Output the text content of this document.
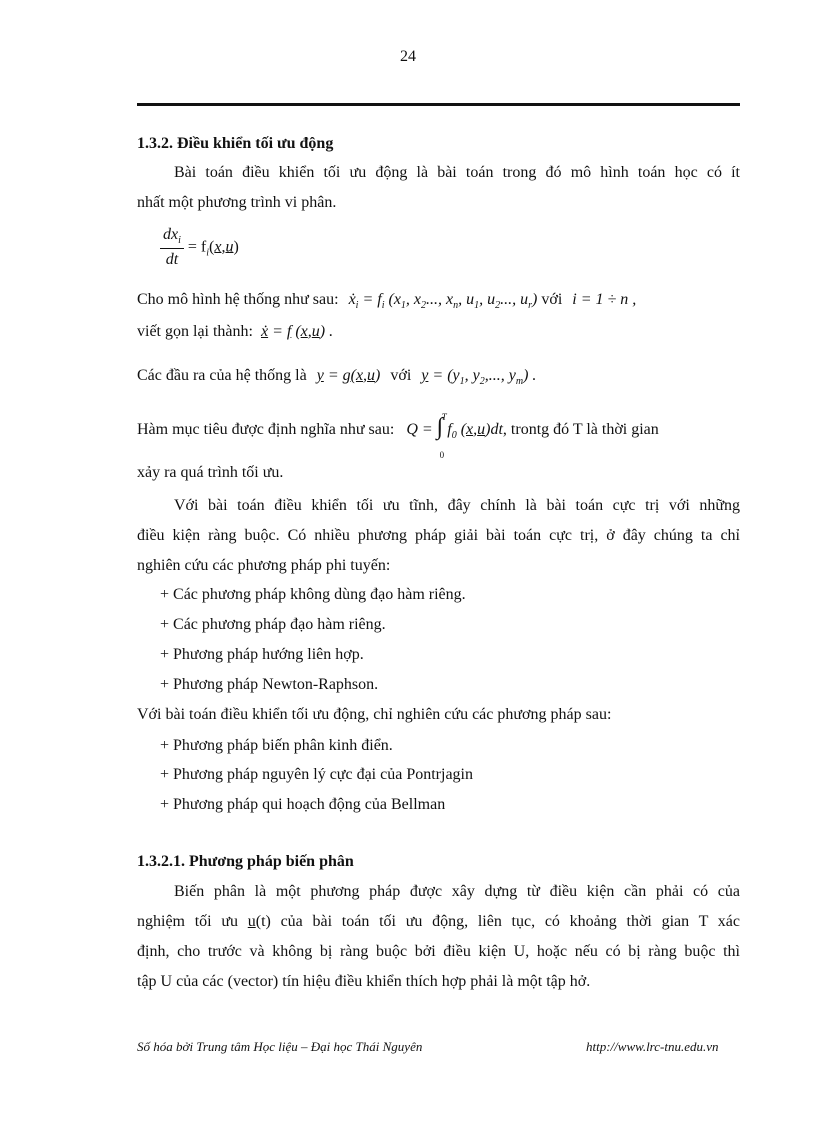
24
1.3.2. Điều khiển tối ưu động
Bài toán điều khiển tối ưu động là bài toán trong đó mô hình toán học có ít
nhất một phương trình vi phân.
$\frac{dx_i}{dt} = f_i(x,u)$
Cho mô hình hệ thống như sau: ẋ$_i$ = $f_i$ ($x_1$, $x_2$..., $x_n$, $u_1$, $u_2$..., $u_r$) với i = 1 ÷ n ,
viết gọn lại thành: ẋ = f (x,u) .
Các đầu ra của hệ thống là y = g(x,u) với $y = (y_1$, $y_2$,..., $y_m$) .
Hàm mục tiêu được định nghĩa như sau: Q = ∫
T
0
$f_0$ (x,u)dt, trontg đó T là thời gian
xảy ra quá trình tối ưu.
Với bài toán điều khiển tối ưu tĩnh, đây chính là bài toán cực trị với những
điều kiện ràng buộc. Có nhiều phương pháp giải bài toán cực trị, ở đây chúng ta chỉ
nghiên cứu các phương pháp phi tuyến:
+ Các phương pháp không dùng đạo hàm riêng.
+ Các phương pháp đạo hàm riêng.
+ Phương pháp hướng liên hợp.
+ Phương pháp Newton-Raphson.
Với bài toán điều khiển tối ưu động, chỉ nghiên cứu các phương pháp sau:
+ Phương pháp biến phân kinh điển.
+ Phương pháp nguyên lý cực đại của Pontrjagin
+ Phương pháp qui hoạch động của Bellman
1.3.2.1. Phương pháp biến phân
Biến phân là một phương pháp được xây dựng từ điều kiện cần phải có của
nghiệm tối ưu u(t) của bài toán tối ưu động, liên tục, có khoảng thời gian T xác
định, cho trước và không bị ràng buộc bởi điều kiện U, hoặc nếu có bị ràng buộc thì
tập U của các (vector) tín hiệu điều khiển thích hợp phải là một tập hở.
Số hóa bởi Trung tâm Học liệu – Đại học Thái Nguyên	http://www.lrc-tnu.edu.vn
